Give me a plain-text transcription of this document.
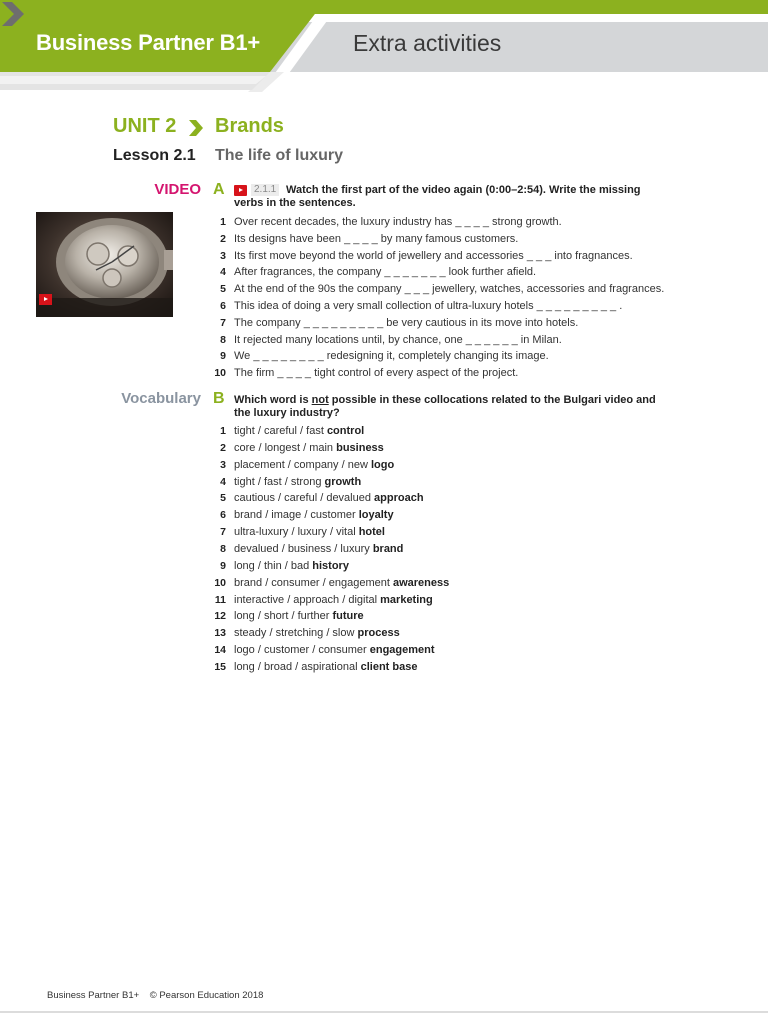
Business Partner B1+	Extra activities
UNIT 2 Brands
Lesson 2.1 The life of luxury
VIDEO A	2.1.1 Watch the first part of the video again (0:00–2:54). Write the missing verbs in the sentences.
1 Over recent decades, the luxury industry has _ _ _ _ strong growth.
2 Its designs have been _ _ _ _ by many famous customers.
3 Its first move beyond the world of jewellery and accessories _ _ _ into fragnances.
4 After fragrances, the company _ _ _ _ _ _ _ look further afield.
5 At the end of the 90s the company _ _ _ jewellery, watches, accessories and fragrances.
6 This idea of doing a very small collection of ultra-luxury hotels _ _ _ _ _ _ _ _ _ .
7 The company _ _ _ _ _ _ _ _ _ be very cautious in its move into hotels.
8 It rejected many locations until, by chance, one _ _ _ _ _ _ in Milan.
9 We _ _ _ _ _ _ _ _ redesigning it, completely changing its image.
10 The firm _ _ _ _ tight control of every aspect of the project.
Vocabulary B Which word is not possible in these collocations related to the Bulgari video and the luxury industry?
1 tight / careful / fast control
2 core / longest / main business
3 placement / company / new logo
4 tight / fast / strong growth
5 cautious / careful / devalued approach
6 brand / image / customer loyalty
7 ultra-luxury / luxury / vital hotel
8 devalued / business / luxury brand
9 long / thin / bad history
10 brand / consumer / engagement awareness
11 interactive / approach / digital marketing
12 long / short / further future
13 steady / stretching / slow process
14 logo / customer / consumer engagement
15 long / broad / aspirational client base
Business Partner B1+    © Pearson Education 2018
